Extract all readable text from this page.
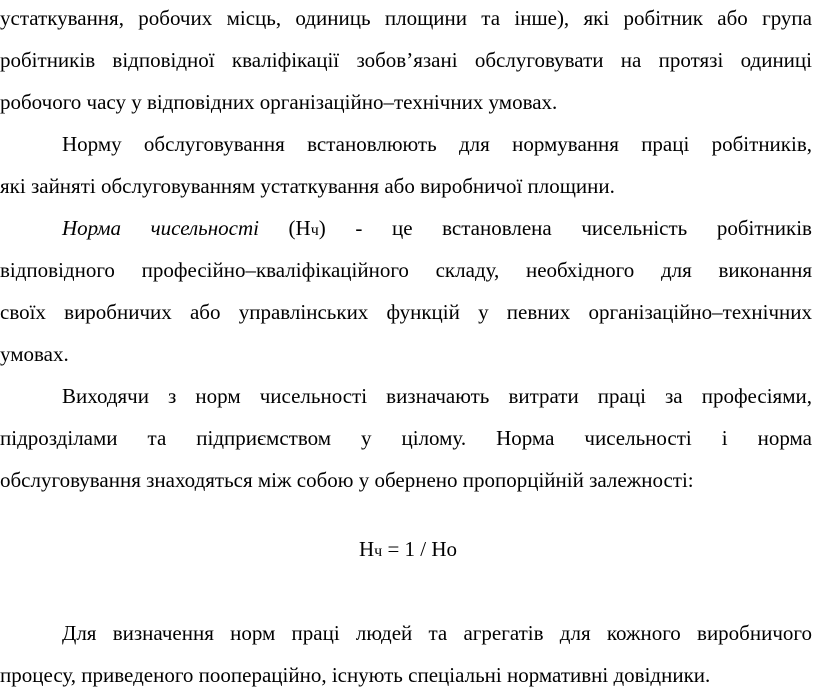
устаткування, робочих місць, одиниць площини та інше), які робітник або група
робітників відповідної кваліфікації зобов’язані обслуговувати на протязі одиниці
робочого часу у відповідних організаційно–технічних умовах.
Норму обслуговування встановлюють для нормування праці робітників,
які зайняті обслуговуванням устаткування або виробничої площини.
Норма чисельності (Нч) - це встановлена чисельність робітників
відповідного професійно–кваліфікаційного складу, необхідного для виконання
своїх виробничих або управлінських функцій у певних організаційно–технічних
умовах.
Виходячи з норм чисельності визначають витрати праці за професіями,
підрозділами та підприємством у цілому. Норма чисельності і норма
обслуговування знаходяться між собою у обернено пропорційній залежності:
Нч = 1 / Но
Для визначення норм праці людей та агрегатів для кожного виробничого
процесу, приведеного поопераційно, існують спеціальні нормативні довідники.
